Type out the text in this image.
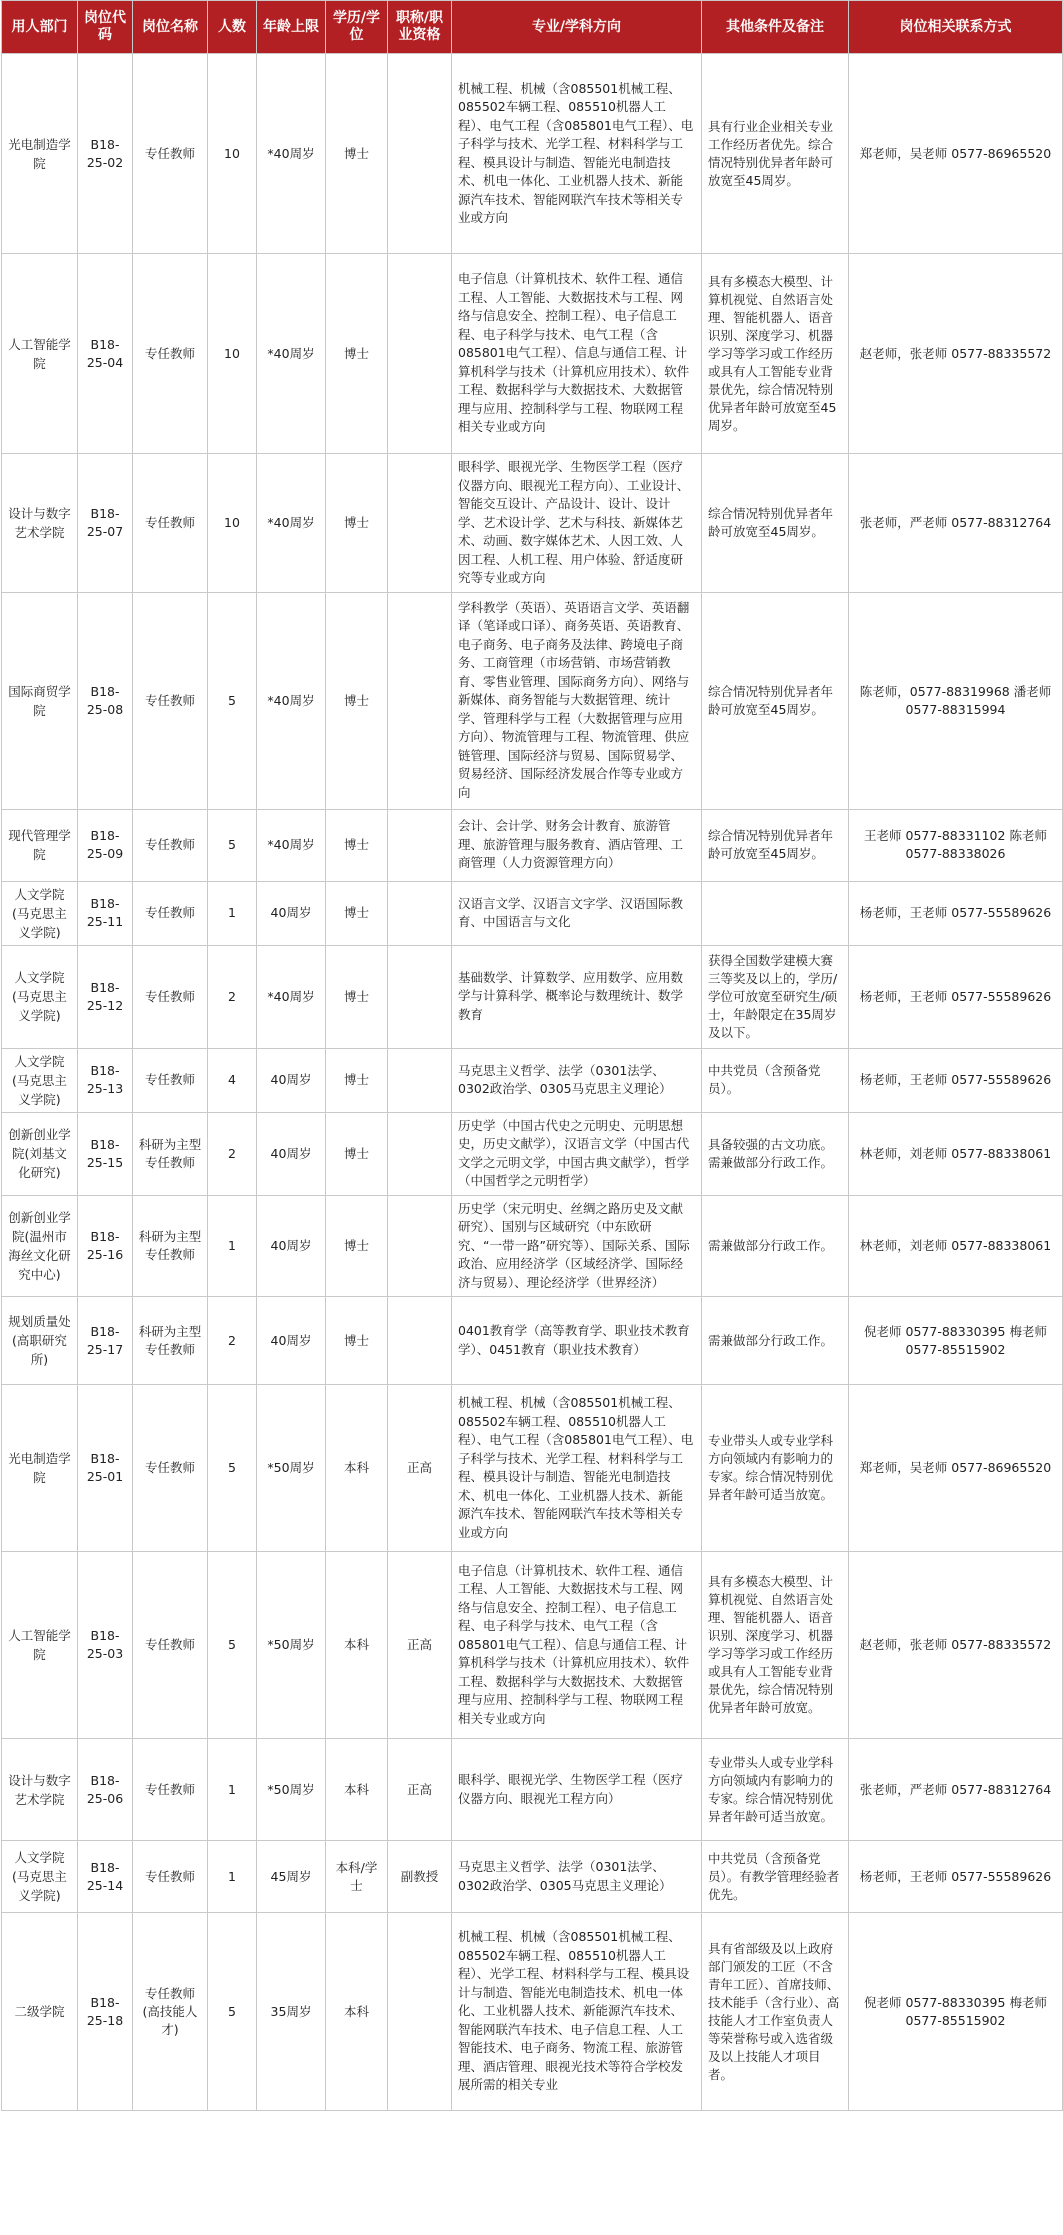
用人部门	岗位代码	岗位名称	人数	年龄上限	学历/学位	职称/职业资格	专业/学科方向	其他条件及备注	岗位相关联系方式
光电制造学院	B18-25-02	专任教师	10	*40周岁	博士		机械工程、机械（含085501机械工程、085502车辆工程、085510机器人工程）、电气工程（含085801电气工程）、电子科学与技术、光学工程、材料科学与工程、模具设计与制造、智能光电制造技术、机电一体化、工业机器人技术、新能源汽车技术、智能网联汽车技术等相关专业或方向	具有行业企业相关专业工作经历者优先。综合情况特别优异者年龄可放宽至45周岁。	郑老师，吴老师 0577-86965520
人工智能学院	B18-25-04	专任教师	10	*40周岁	博士		电子信息（计算机技术、软件工程、通信工程、人工智能、大数据技术与工程、网络与信息安全、控制工程）、电子信息工程、电子科学与技术、电气工程（含085801电气工程）、信息与通信工程、计算机科学与技术（计算机应用技术）、软件工程、数据科学与大数据技术、大数据管理与应用、控制科学与工程、物联网工程相关专业或方向	具有多模态大模型、计算机视觉、自然语言处理、智能机器人、语音识别、深度学习、机器学习等学习或工作经历或具有人工智能专业背景优先，综合情况特别优异者年龄可放宽至45周岁。	赵老师，张老师 0577-88335572
设计与数字艺术学院	B18-25-07	专任教师	10	*40周岁	博士		眼科学、眼视光学、生物医学工程（医疗仪器方向、眼视光工程方向）、工业设计、智能交互设计、产品设计、设计、设计学、艺术设计学、艺术与科技、新媒体艺术、动画、数字媒体艺术、人因工效、人因工程、人机工程、用户体验、舒适度研究等专业或方向	综合情况特别优异者年龄可放宽至45周岁。	张老师，严老师 0577-88312764
国际商贸学院	B18-25-08	专任教师	5	*40周岁	博士		学科教学（英语）、英语语言文学、英语翻译（笔译或口译）、商务英语、英语教育、电子商务、电子商务及法律、跨境电子商务、工商管理（市场营销、市场营销教育、零售业管理、国际商务方向）、网络与新媒体、商务智能与大数据管理、统计学、管理科学与工程（大数据管理与应用方向）、物流管理与工程、物流管理、供应链管理、国际经济与贸易、国际贸易学、贸易经济、国际经济发展合作等专业或方向	综合情况特别优异者年龄可放宽至45周岁。	陈老师，0577-88319968 潘老师 0577-88315994
现代管理学院	B18-25-09	专任教师	5	*40周岁	博士		会计、会计学、财务会计教育、旅游管理、旅游管理与服务教育、酒店管理、工商管理（人力资源管理方向）	综合情况特别优异者年龄可放宽至45周岁。	王老师 0577-88331102 陈老师 0577-88338026
人文学院(马克思主义学院)	B18-25-11	专任教师	1	40周岁	博士		汉语言文学、汉语言文字学、汉语国际教育、中国语言与文化		杨老师，王老师 0577-55589626
人文学院(马克思主义学院)	B18-25-12	专任教师	2	*40周岁	博士		基础数学、计算数学、应用数学、应用数学与计算科学、概率论与数理统计、数学教育	获得全国数学建模大赛三等奖及以上的，学历/学位可放宽至研究生/硕士，年龄限定在35周岁及以下。	杨老师，王老师 0577-55589626
人文学院(马克思主义学院)	B18-25-13	专任教师	4	40周岁	博士		马克思主义哲学、法学（0301法学、0302政治学、0305马克思主义理论）	中共党员（含预备党员）。	杨老师，王老师 0577-55589626
创新创业学院(刘基文化研究)	B18-25-15	科研为主型专任教师	2	40周岁	博士		历史学（中国古代史之元明史、元明思想史，历史文献学），汉语言文学（中国古代文学之元明文学，中国古典文献学），哲学（中国哲学之元明哲学）	具备较强的古文功底。需兼做部分行政工作。	林老师，刘老师 0577-88338061
创新创业学院(温州市海丝文化研究中心)	B18-25-16	科研为主型专任教师	1	40周岁	博士		历史学（宋元明史、丝绸之路历史及文献研究）、国别与区域研究（中东欧研究、“一带一路”研究等）、国际关系、国际政治、应用经济学（区域经济学、国际经济与贸易）、理论经济学（世界经济）	需兼做部分行政工作。	林老师，刘老师 0577-88338061
规划质量处(高职研究所)	B18-25-17	科研为主型专任教师	2	40周岁	博士		0401教育学（高等教育学、职业技术教育学）、0451教育（职业技术教育）	需兼做部分行政工作。	倪老师 0577-88330395 梅老师 0577-85515902
光电制造学院	B18-25-01	专任教师	5	*50周岁	本科	正高	机械工程、机械（含085501机械工程、085502车辆工程、085510机器人工程）、电气工程（含085801电气工程）、电子科学与技术、光学工程、材料科学与工程、模具设计与制造、智能光电制造技术、机电一体化、工业机器人技术、新能源汽车技术、智能网联汽车技术等相关专业或方向	专业带头人或专业学科方向领域内有影响力的专家。综合情况特别优异者年龄可适当放宽。	郑老师，吴老师 0577-86965520
人工智能学院	B18-25-03	专任教师	5	*50周岁	本科	正高	电子信息（计算机技术、软件工程、通信工程、人工智能、大数据技术与工程、网络与信息安全、控制工程）、电子信息工程、电子科学与技术、电气工程（含085801电气工程）、信息与通信工程、计算机科学与技术（计算机应用技术）、软件工程、数据科学与大数据技术、大数据管理与应用、控制科学与工程、物联网工程相关专业或方向	具有多模态大模型、计算机视觉、自然语言处理、智能机器人、语音识别、深度学习、机器学习等学习或工作经历或具有人工智能专业背景优先，综合情况特别优异者年龄可放宽。	赵老师，张老师 0577-88335572
设计与数字艺术学院	B18-25-06	专任教师	1	*50周岁	本科	正高	眼科学、眼视光学、生物医学工程（医疗仪器方向、眼视光工程方向）	专业带头人或专业学科方向领域内有影响力的专家。综合情况特别优异者年龄可适当放宽。	张老师，严老师 0577-88312764
人文学院(马克思主义学院)	B18-25-14	专任教师	1	45周岁	本科/学士	副教授	马克思主义哲学、法学（0301法学、0302政治学、0305马克思主义理论）	中共党员（含预备党员）。有教学管理经验者优先。	杨老师，王老师 0577-55589626
二级学院	B18-25-18	专任教师(高技能人才)	5	35周岁	本科		机械工程、机械（含085501机械工程、085502车辆工程、085510机器人工程）、光学工程、材料科学与工程、模具设计与制造、智能光电制造技术、机电一体化、工业机器人技术、新能源汽车技术、智能网联汽车技术、电子信息工程、人工智能技术、电子商务、物流工程、旅游管理、酒店管理、眼视光技术等符合学校发展所需的相关专业	具有省部级及以上政府部门颁发的工匠（不含青年工匠）、首席技师、技术能手（含行业）、高技能人才工作室负责人等荣誉称号或入选省级及以上技能人才项目者。	倪老师 0577-88330395 梅老师 0577-85515902
